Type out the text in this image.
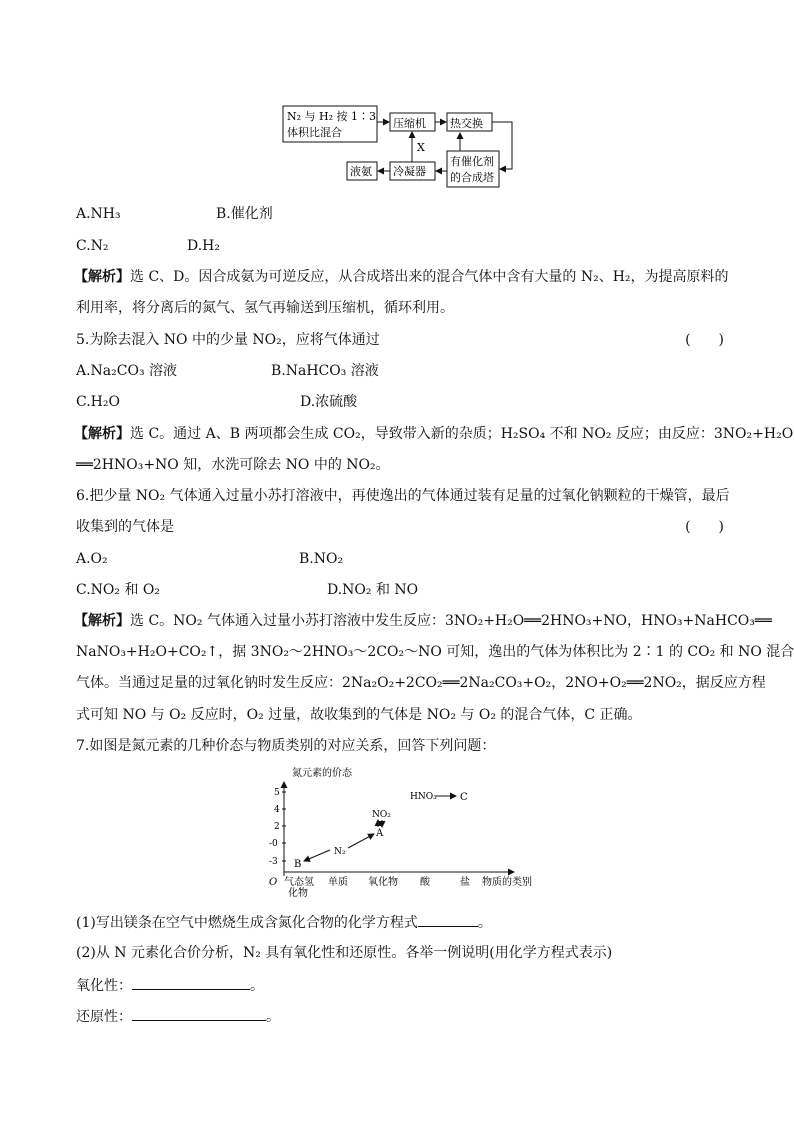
N₂ 与 H₂ 按 1∶3
体积比混合
压缩机 热交换
有催化剂
的合成塔
冷凝器
液氨
X
A.NH₃	B.催化剂
C.N₂	D.H₂
【解析】选 C、D。因合成氨为可逆反应，从合成塔出来的混合气体中含有大量的 N₂、H₂，为提高原料的
利用率，将分离后的氮气、氢气再输送到压缩机，循环利用。
5.为除去混入 NO 中的少量 NO₂，应将气体通过	(　　)
A.Na₂CO₃ 溶液	B.NaHCO₃ 溶液
C.H₂O	D.浓硫酸
【解析】选 C。通过 A、B 两项都会生成 CO₂，导致带入新的杂质；H₂SO₄ 不和 NO₂ 反应；由反应：3NO₂+H₂O
══2HNO₃+NO 知，水洗可除去 NO 中的 NO₂。
6.把少量 NO₂ 气体通入过量小苏打溶液中，再使逸出的气体通过装有足量的过氧化钠颗粒的干燥管，最后
收集到的气体是	(　　)
A.O₂	B.NO₂
C.NO₂ 和 O₂	D.NO₂ 和 NO
【解析】选 C。NO₂ 气体通入过量小苏打溶液中发生反应：3NO₂+H₂O══2HNO₃+NO，HNO₃+NaHCO₃══
NaNO₃+H₂O+CO₂↑，据 3NO₂～2HNO₃～2CO₂～NO 可知，逸出的气体为体积比为 2∶1 的 CO₂ 和 NO 混合
气体。当通过足量的过氧化钠时发生反应：2Na₂O₂+2CO₂══2Na₂CO₃+O₂，2NO+O₂══2NO₂，据反应方程
式可知 NO 与 O₂ 反应时，O₂ 过量，故收集到的气体是 NO₂ 与 O₂ 的混合气体，C 正确。
7.如图是氮元素的几种价态与物质类别的对应关系，回答下列问题：
氮元素的价态
O
5
4
2
-0
-3
气态氢
化物
单质 氧化物 酸	盐 物质的类别
B
N₂
A
NO₂
HNO₃ C
(1)写出镁条在空气中燃烧生成含氮化合物的化学方程式	。
(2)从 N 元素化合价分析，N₂ 具有氧化性和还原性。各举一例说明(用化学方程式表示)
氧化性：	。
还原性：	。
